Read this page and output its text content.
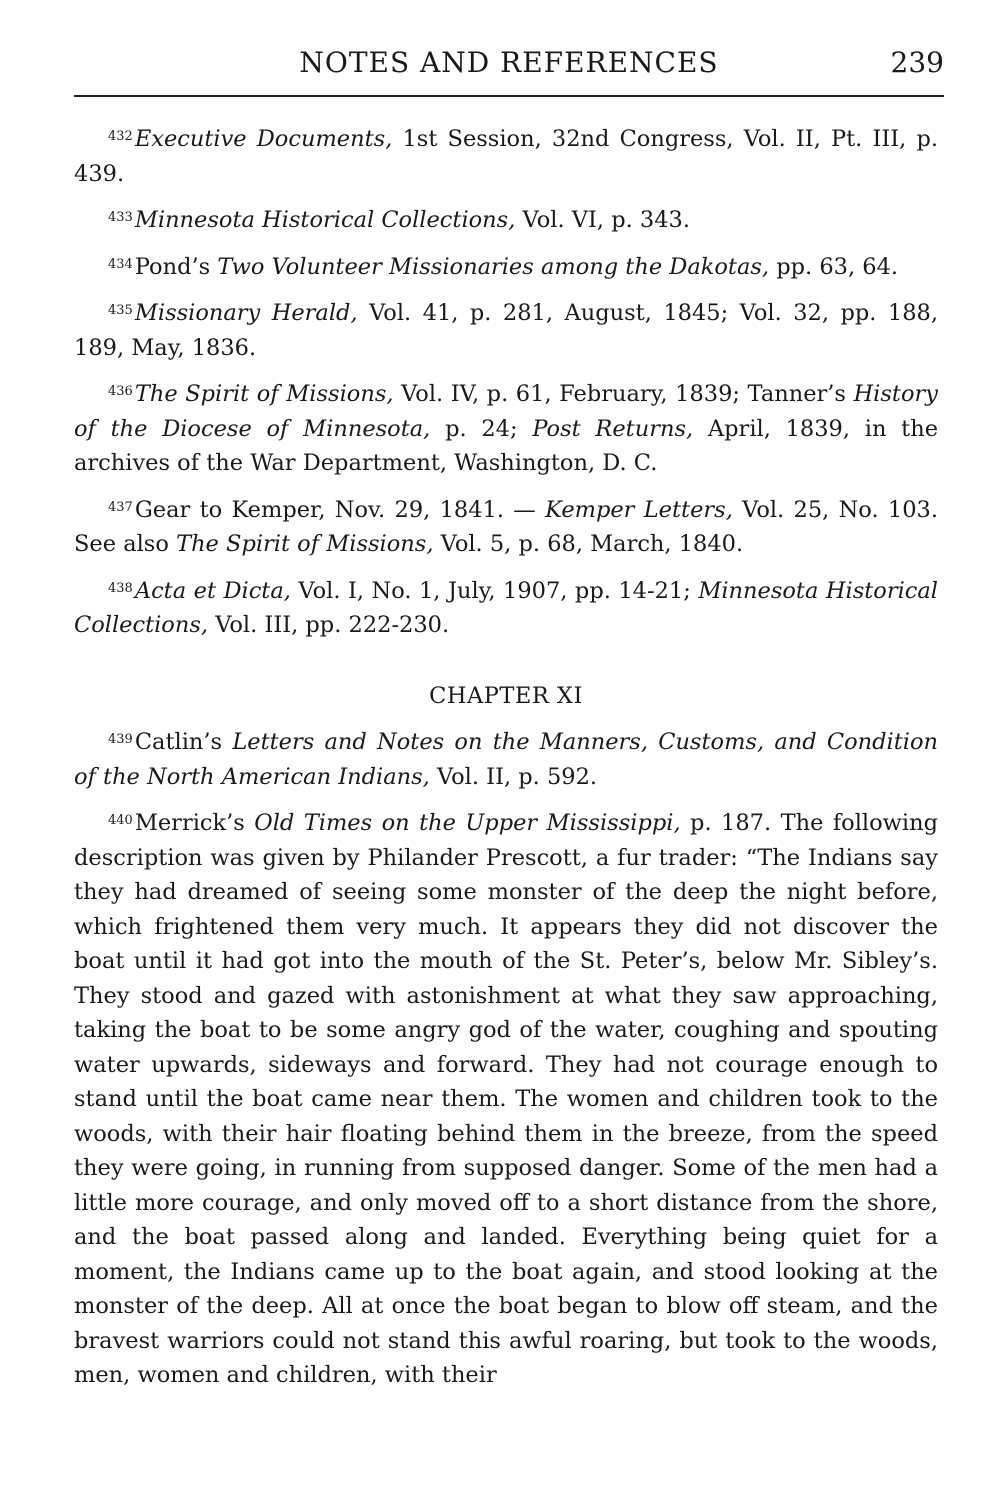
NOTES AND REFERENCES	239

$^{432}$Executive Documents, 1st Session, 32nd Congress, Vol. II, Pt. III, p. 439.

$^{433}$Minnesota Historical Collections, Vol. VI, p. 343.

$^{434}$Pond’s Two Volunteer Missionaries among the Dakotas, pp. 63, 64.

$^{435}$Missionary Herald, Vol. 41, p. 281, August, 1845; Vol. 32, pp. 188, 189, May, 1836.

$^{436}$The Spirit of Missions, Vol. IV, p. 61, February, 1839; Tanner’s History of the Diocese of Minnesota, p. 24; Post Returns, April, 1839, in the archives of the War Department, Washington, D. C.

$^{437}$Gear to Kemper, Nov. 29, 1841. — Kemper Letters, Vol. 25, No. 103. See also The Spirit of Missions, Vol. 5, p. 68, March, 1840.

$^{438}$Acta et Dicta, Vol. I, No. 1, July, 1907, pp. 14-21; Minnesota Historical Collections, Vol. III, pp. 222-230.

CHAPTER XI

$^{439}$Catlin’s Letters and Notes on the Manners, Customs, and Condition of the North American Indians, Vol. II, p. 592.

$^{440}$Merrick’s Old Times on the Upper Mississippi, p. 187. The following description was given by Philander Prescott, a fur trader: “The Indians say they had dreamed of seeing some monster of the deep the night before, which frightened them very much. It appears they did not discover the boat until it had got into the mouth of the St. Peter’s, below Mr. Sibley’s. They stood and gazed with astonishment at what they saw approaching, taking the boat to be some angry god of the water, coughing and spouting water upwards, sideways and forward. They had not courage enough to stand until the boat came near them. The women and children took to the woods, with their hair floating behind them in the breeze, from the speed they were going, in running from supposed danger. Some of the men had a little more courage, and only moved off to a short distance from the shore, and the boat passed along and landed. Everything being quiet for a moment, the Indians came up to the boat again, and stood looking at the monster of the deep. All at once the boat began to blow off steam, and the bravest warriors could not stand this awful roaring, but took to the woods, men, women and children, with their
